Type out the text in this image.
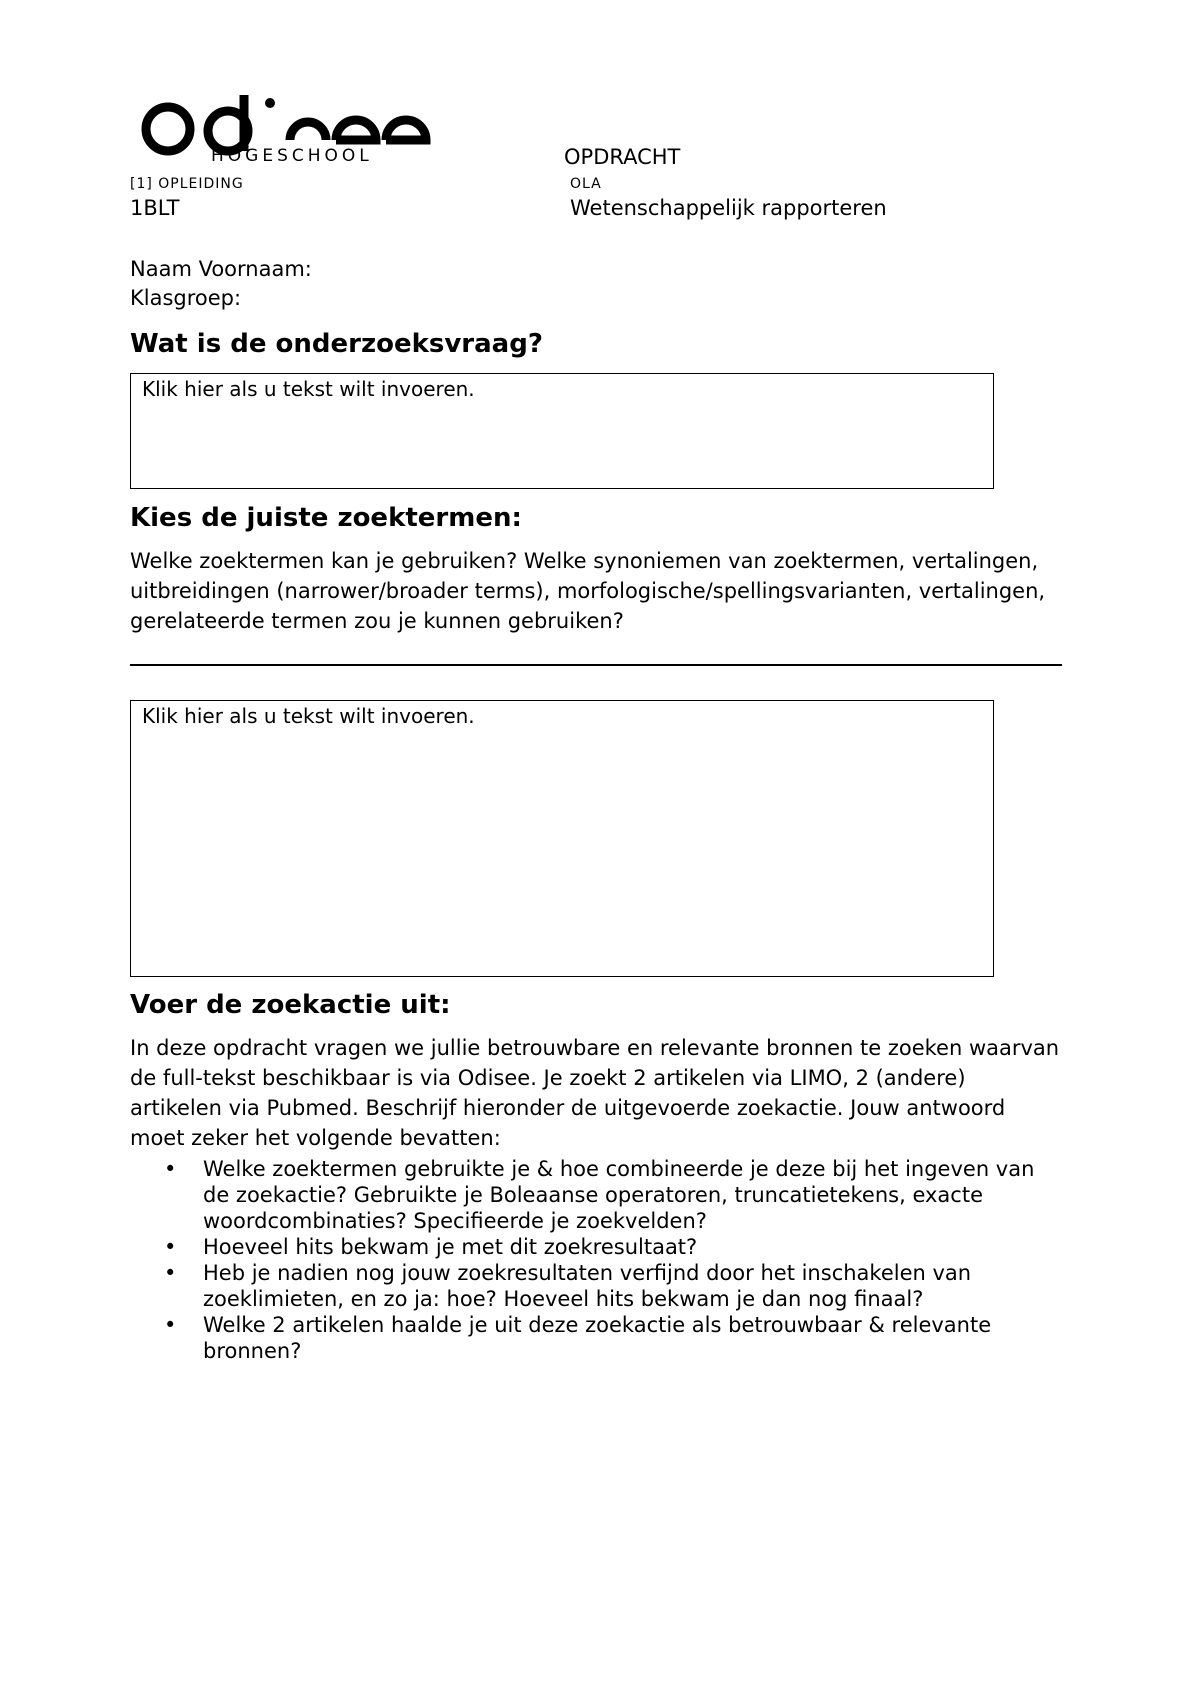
HOGESCHOOL	OPDRACHT
[1] OPLEIDING
1BLT
OLA
Wetenschappelijk rapporteren
Naam Voornaam:
Klasgroep:
Wat is de onderzoeksvraag?
Klik hier als u tekst wilt invoeren.
Kies de juiste zoektermen:

Welke zoektermen kan je gebruiken? Welke synoniemen van zoektermen, vertalingen, uitbreidingen (narrower/broader terms), morfologische/spellingsvarianten, vertalingen, gerelateerde termen zou je kunnen gebruiken?

Klik hier als u tekst wilt invoeren.
Voer de zoekactie uit:

In deze opdracht vragen we jullie betrouwbare en relevante bronnen te zoeken waarvan de full-tekst beschikbaar is via Odisee. Je zoekt 2 artikelen via LIMO, 2 (andere) artikelen via Pubmed. Beschrijf hieronder de uitgevoerde zoekactie. Jouw antwoord moet zeker het volgende bevatten:

• Welke zoektermen gebruikte je & hoe combineerde je deze bij het ingeven van de zoekactie? Gebruikte je Boleaanse operatoren, truncatietekens, exacte woordcombinaties? Specifieerde je zoekvelden?
• Hoeveel hits bekwam je met dit zoekresultaat?
• Heb je nadien nog jouw zoekresultaten verfijnd door het inschakelen van zoeklimieten, en zo ja: hoe? Hoeveel hits bekwam je dan nog finaal?
• Welke 2 artikelen haalde je uit deze zoekactie als betrouwbaar & relevante bronnen?
